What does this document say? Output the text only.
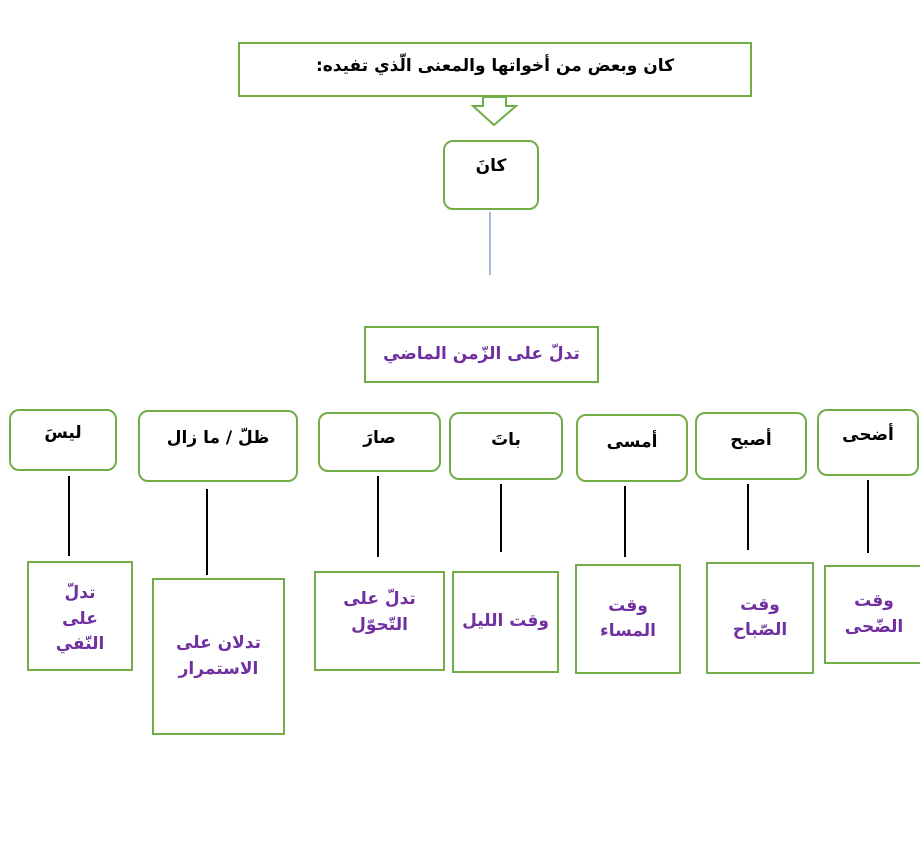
كان وبعض من أخواتها والمعنى الّذي تفيده:
كانَ
تدلّ على الزّمن الماضي
أضحى
وقت الضّحى
أصبح
وقت الصّباح
أمسى
وقت المساء
باتَ
وقت الليل
صارَ
تدلّ على التّحوّل
ظلّ / ما زال
تدلان على الاستمرار
ليسَ
تدلّ على النّفي
